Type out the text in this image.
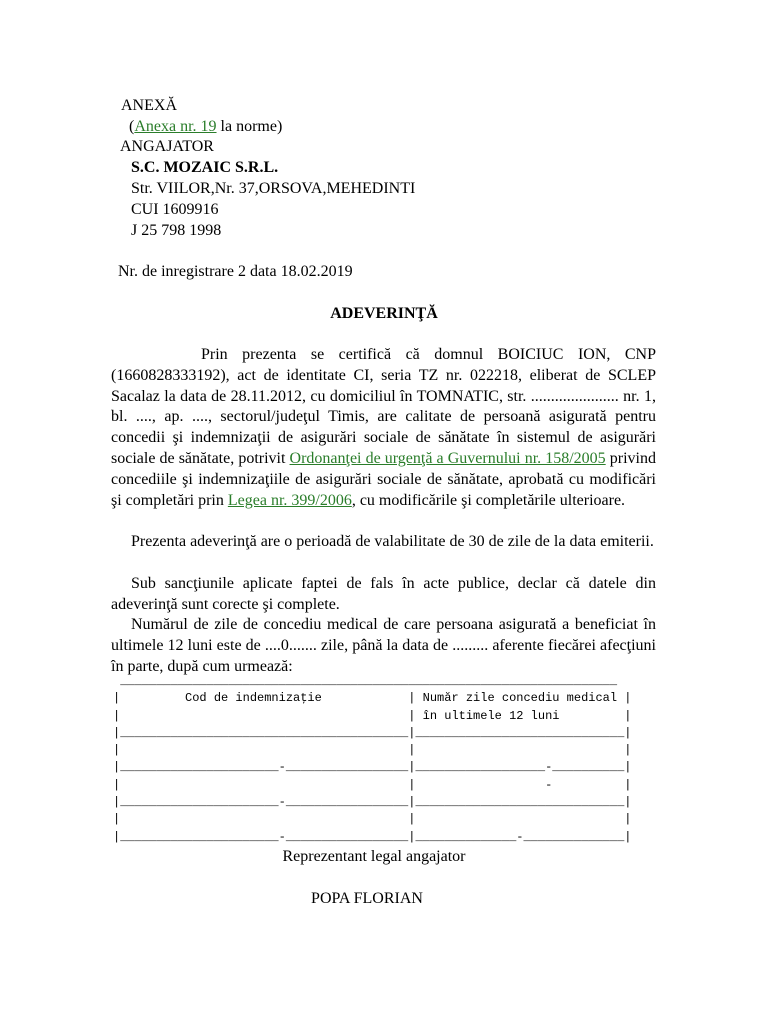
ANEXĂ
(Anexa nr. 19 la norme)
ANGAJATOR
S.C. MOZAIC S.R.L.
Str. VIILOR,Nr. 37,ORSOVA,MEHEDINTI
CUI 1609916
J 25 798 1998
Nr. de inregistrare 2 data 18.02.2019
ADEVERINŢĂ
Prin prezenta se certifică că domnul BOICIUC ION, CNP (1660828333192), act de identitate CI, seria TZ nr. 022218, eliberat de SCLEP Sacalaz la data de 28.11.2012, cu domiciliul în TOMNATIC, str. ...................... nr. 1, bl. ...., ap. ...., sectorul/judeţul Timis, are calitate de persoană asigurată pentru concedii şi indemnizaţii de asigurări sociale de sănătate în sistemul de asigurări sociale de sănătate, potrivit Ordonanţei de urgenţă a Guvernului nr. 158/2005 privind concediile şi indemnizaţiile de asigurări sociale de sănătate, aprobată cu modificări şi completări prin Legea nr. 399/2006, cu modificările şi completările ulterioare.
Prezenta adeverinţă are o perioadă de valabilitate de 30 de zile de la data emiterii.
Sub sancţiunile aplicate faptei de fals în acte publice, declar că datele din adeverinţă sunt corecte şi complete.
Numărul de zile de concediu medical de care persoana asigurată a beneficiat în ultimele 12 luni este de ....0....... zile, până la data de ......... aferente fiecărei afecţiuni în parte, după cum urmează:
_____________________________________________________________________
|         Cod de indemnizaţie            | Număr zile concediu medical |
|                                        | în ultimele 12 luni         |
|________________________________________|_____________________________|
|                                        |                             |
|______________________-_________________|__________________-__________|
|                                        |                  -          |
|______________________-_________________|_____________________________|
|                                        |                             |
|______________________-_________________|______________-______________|
Reprezentant legal angajator
POPA FLORIAN
